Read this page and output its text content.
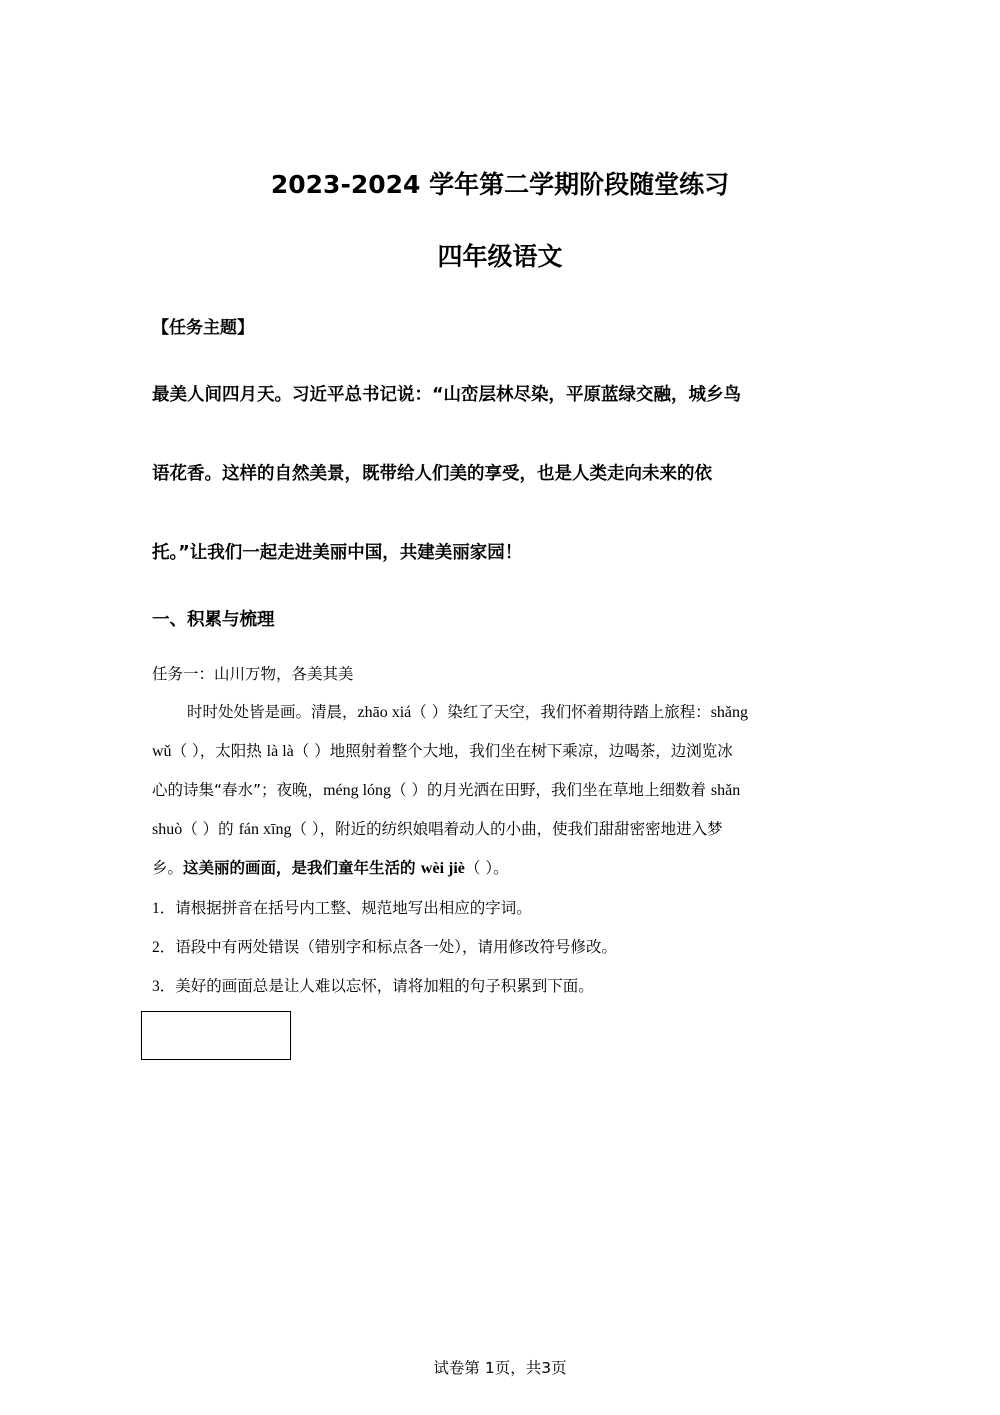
2023-2024 学年第二学期阶段随堂练习
四年级语文

【任务主题】

最美人间四月天。习近平总书记说：“山峦层林尽染，平原蓝绿交融，城乡鸟

语花香。这样的自然美景，既带给人们美的享受，也是人类走向未来的依

托。”让我们一起走进美丽中国，共建美丽家园！

一、积累与梳理

任务一：山川万物，各美其美

时时处处皆是画。清晨，zhāo xiá（ ）染红了天空，我们怀着期待踏上旅程：shǎng

wǔ（ ），太阳热 là là（ ）地照射着整个大地，我们坐在树下乘凉，边喝茶，边浏览冰

心的诗集“春水”；夜晚，méng lóng（ ）的月光洒在田野，我们坐在草地上细数着 shǎn

shuò（ ）的 fán xīng（ ），附近的纺织娘唱着动人的小曲，使我们甜甜密密地进入梦

乡。这美丽的画面，是我们童年生活的 wèi jiè（ ）。

1．请根据拼音在括号内工整、规范地写出相应的字词。

2．语段中有两处错误（错别字和标点各一处），请用修改符号修改。

3．美好的画面总是让人难以忘怀，请将加粗的句子积累到下面。

试卷第 1页，共3页
